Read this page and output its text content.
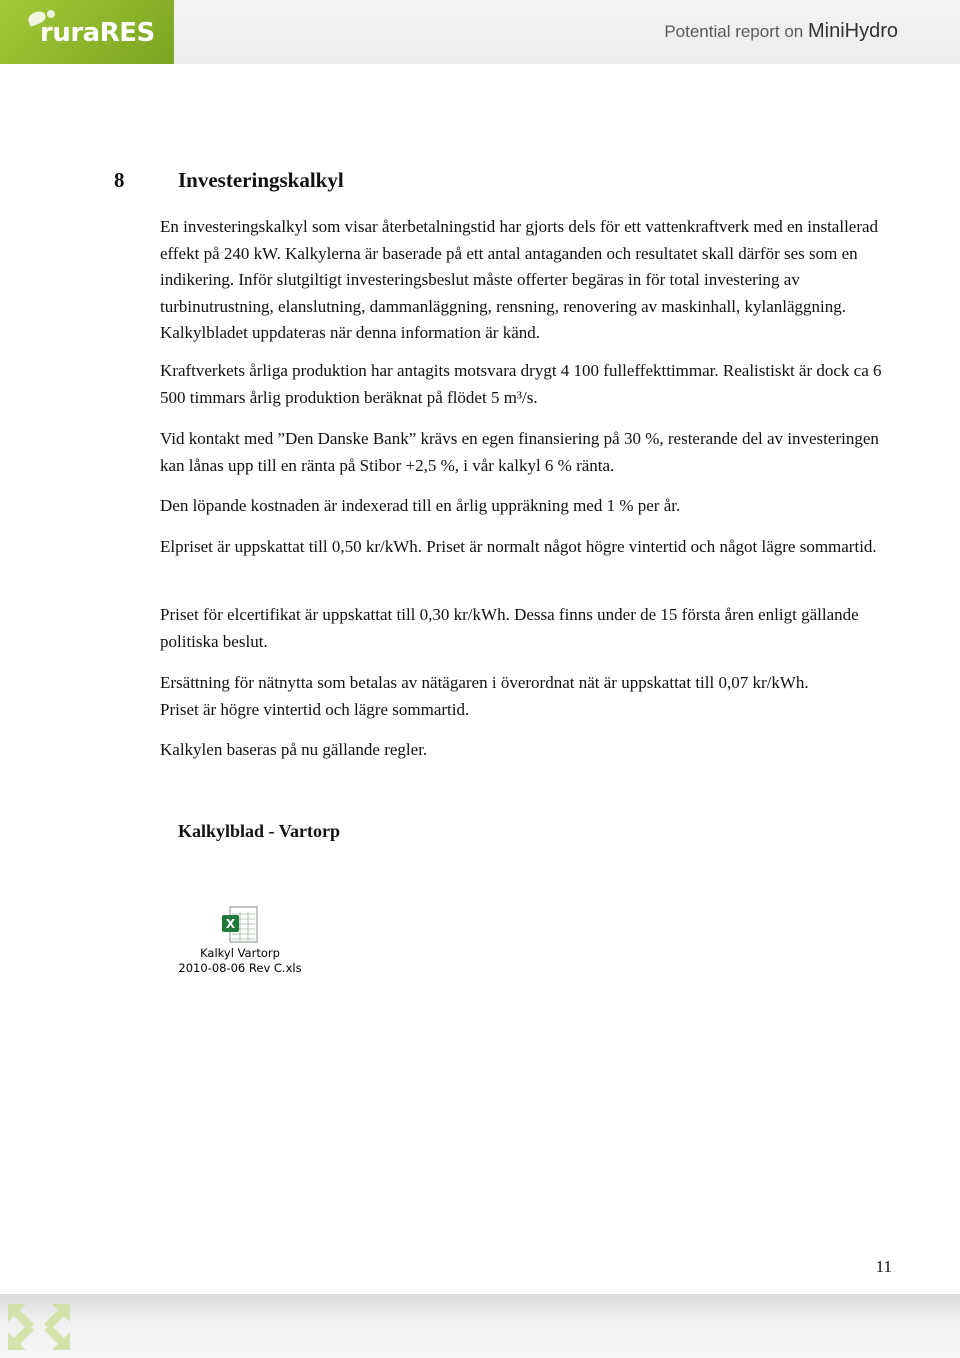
ruraRES	Potential report on MiniHydro
8	Investeringskalkyl

En investeringskalkyl som visar återbetalningstid har gjorts dels för ett vattenkraftverk med en installerad effekt på 240 kW. Kalkylerna är baserade på ett antal antaganden och resultatet skall därför ses som en indikering. Inför slutgiltigt investeringsbeslut måste offerter begäras in för total investering av turbinutrustning, elanslutning, dammanläggning, rensning, renovering av maskinhall, kylanläggning. Kalkylbladet uppdateras när denna information är känd.

Kraftverkets årliga produktion har antagits motsvara drygt 4 100 fulleffekttimmar. Realistiskt är dock ca 6 500 timmars årlig produktion beräknat på flödet 5 m³/s.

Vid kontakt med ”Den Danske Bank” krävs en egen finansiering på 30 %, resterande del av investeringen kan lånas upp till en ränta på Stibor +2,5 %, i vår kalkyl 6 % ränta.

Den löpande kostnaden är indexerad till en årlig uppräkning med 1 % per år.

Elpriset är uppskattat till 0,50 kr/kWh. Priset är normalt något högre vintertid och något lägre sommartid.

Priset för elcertifikat är uppskattat till 0,30 kr/kWh. Dessa finns under de 15 första åren enligt gällande politiska beslut.

Ersättning för nätnytta som betalas av nätägaren i överordnat nät är uppskattat till 0,07 kr/kWh. Priset är högre vintertid och lägre sommartid.

Kalkylen baseras på nu gällande regler.

Kalkylblad - Vartorp
X
Kalkyl Vartorp
2010-08-06 Rev C.xls
11
